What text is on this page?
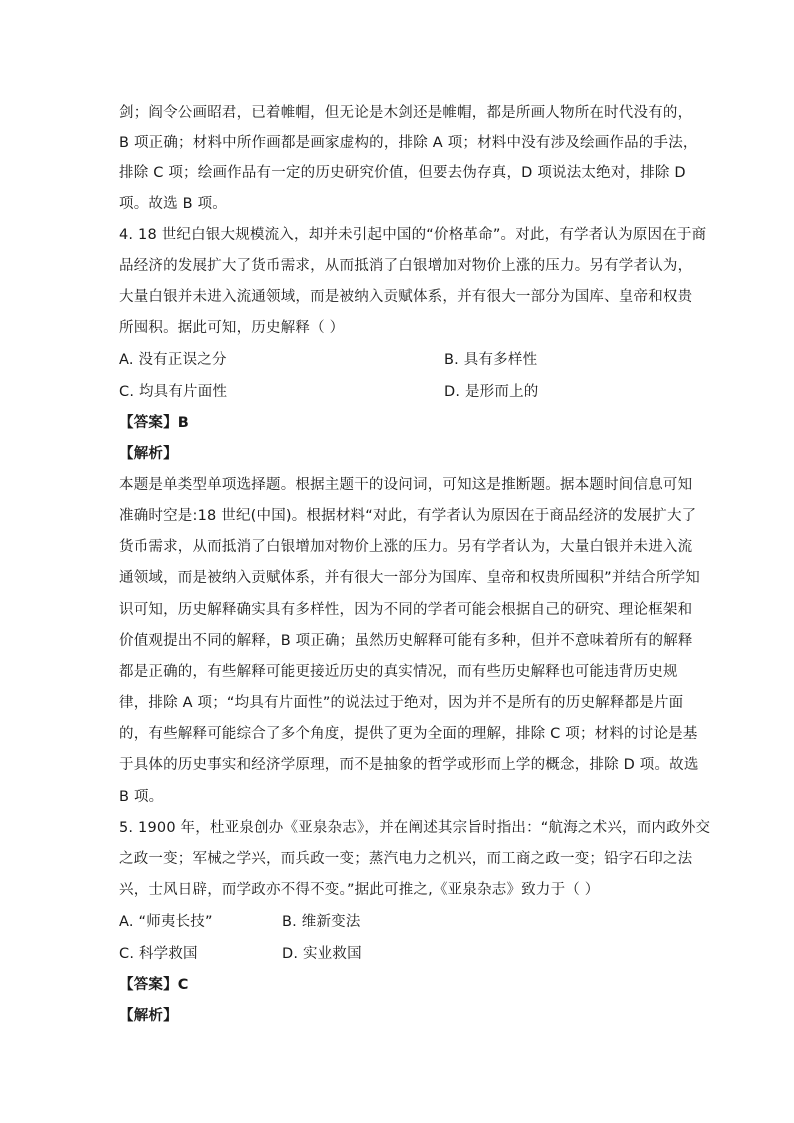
剑；阎令公画昭君，已着帷帽，但无论是木剑还是帷帽，都是所画人物所在时代没有的，
B 项正确；材料中所作画都是画家虚构的，排除 A 项；材料中没有涉及绘画作品的手法，
排除 C 项；绘画作品有一定的历史研究价值，但要去伪存真，D 项说法太绝对，排除 D
项。故选 B 项。
4. 18 世纪白银大规模流入，却并未引起中国的“价格革命”。对此，有学者认为原因在于商
品经济的发展扩大了货币需求，从而抵消了白银增加对物价上涨的压力。另有学者认为，
大量白银并未进入流通领域，而是被纳入贡赋体系，并有很大一部分为国库、皇帝和权贵
所囤积。据此可知，历史解释（ ）
A. 没有正误之分	B. 具有多样性
C. 均具有片面性	D. 是形而上的
【答案】B
【解析】
本题是单类型单项选择题。根据主题干的设问词，可知这是推断题。据本题时间信息可知
准确时空是:18 世纪(中国)。根据材料“对此，有学者认为原因在于商品经济的发展扩大了
货币需求，从而抵消了白银增加对物价上涨的压力。另有学者认为，大量白银并未进入流
通领域，而是被纳入贡赋体系，并有很大一部分为国库、皇帝和权贵所囤积”并结合所学知
识可知，历史解释确实具有多样性，因为不同的学者可能会根据自己的研究、理论框架和
价值观提出不同的解释，B 项正确；虽然历史解释可能有多种，但并不意味着所有的解释
都是正确的，有些解释可能更接近历史的真实情况，而有些历史解释也可能违背历史规
律，排除 A 项；“均具有片面性”的说法过于绝对，因为并不是所有的历史解释都是片面
的，有些解释可能综合了多个角度，提供了更为全面的理解，排除 C 项；材料的讨论是基
于具体的历史事实和经济学原理，而不是抽象的哲学或形而上学的概念，排除 D 项。故选
B 项。
5. 1900 年，杜亚泉创办《亚泉杂志》，并在阐述其宗旨时指出：“航海之术兴，而内政外交
之政一变；军械之学兴，而兵政一变；蒸汽电力之机兴，而工商之政一变；铅字石印之法
兴，士风日辟，而学政亦不得不变。”据此可推之,《亚泉杂志》致力于（ ）
A. “师夷长技”	B. 维新变法
C. 科学救国	D. 实业救国
【答案】C
【解析】
